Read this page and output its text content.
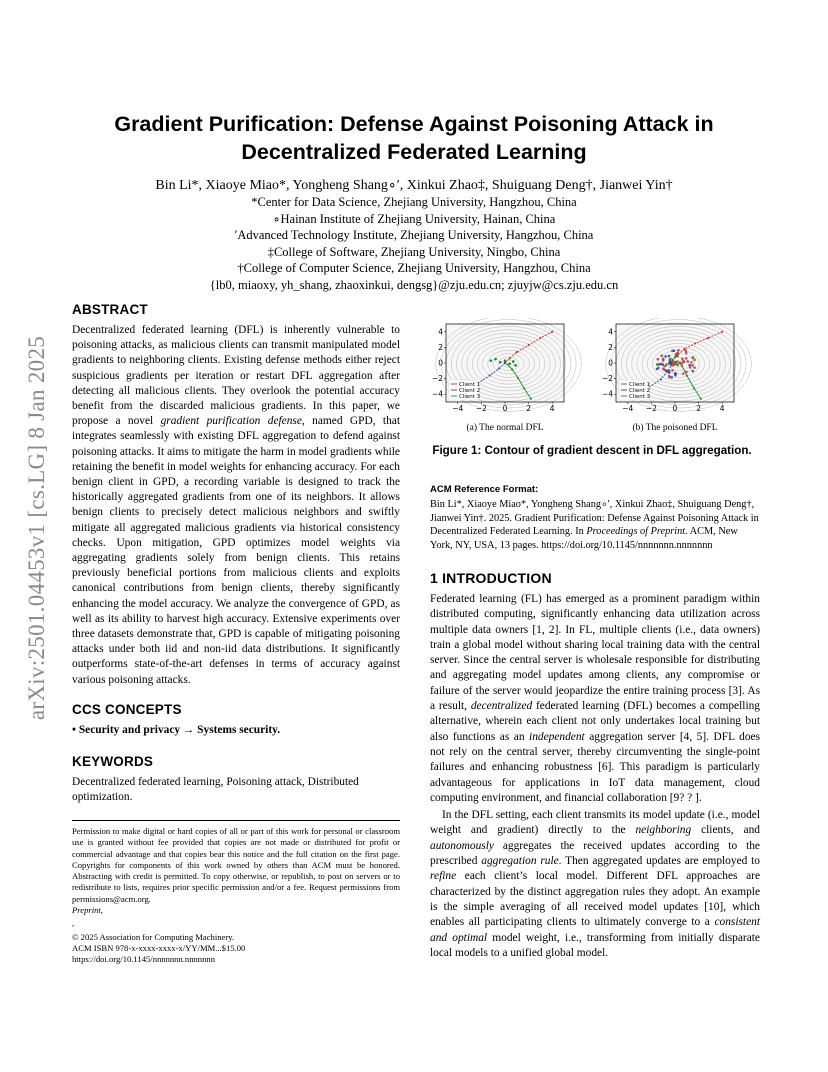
arXiv:2501.04453v1 [cs.LG] 8 Jan 2025
Gradient Purification: Defense Against Poisoning Attack in Decentralized Federated Learning
Bin Li*, Xiaoye Miao*, Yongheng Shang∘′, Xinkui Zhao‡, Shuiguang Deng†, Jianwei Yin†
*Center for Data Science, Zhejiang University, Hangzhou, China
∘Hainan Institute of Zhejiang University, Hainan, China
′Advanced Technology Institute, Zhejiang University, Hangzhou, China
‡College of Software, Zhejiang University, Ningbo, China
†College of Computer Science, Zhejiang University, Hangzhou, China
{lb0, miaoxy, yh_shang, zhaoxinkui, dengsg}@zju.edu.cn; zjuyjw@cs.zju.edu.cn
ABSTRACT

Decentralized federated learning (DFL) is inherently vulnerable to poisoning attacks, as malicious clients can transmit manipulated model gradients to neighboring clients. Existing defense methods either reject suspicious gradients per iteration or restart DFL aggregation after detecting all malicious clients. They overlook the potential accuracy benefit from the discarded malicious gradients. In this paper, we propose a novel gradient purification defense, named GPD, that integrates seamlessly with existing DFL aggregation to defend against poisoning attacks. It aims to mitigate the harm in model gradients while retaining the benefit in model weights for enhancing accuracy. For each benign client in GPD, a recording variable is designed to track the historically aggregated gradients from one of its neighbors. It allows benign clients to precisely detect malicious neighbors and swiftly mitigate all aggregated malicious gradients via historical consistency checks. Upon mitigation, GPD optimizes model weights via aggregating gradients solely from benign clients. This retains previously beneficial portions from malicious clients and exploits canonical contributions from benign clients, thereby significantly enhancing the model accuracy. We analyze the convergence of GPD, as well as its ability to harvest high accuracy. Extensive experiments over three datasets demonstrate that, GPD is capable of mitigating poisoning attacks under both iid and non-iid data distributions. It significantly outperforms state-of-the-art defenses in terms of accuracy against various poisoning attacks.

CCS CONCEPTS

• Security and privacy → Systems security.

KEYWORDS

Decentralized federated learning, Poisoning attack, Distributed optimization.

Permission to make digital or hard copies of all or part of this work for personal or classroom use is granted without fee provided that copies are not made or distributed for profit or commercial advantage and that copies bear this notice and the full citation on the first page. Copyrights for components of this work owned by others than ACM must be honored. Abstracting with credit is permitted. To copy otherwise, or republish, to post on servers or to redistribute to lists, requires prior specific permission and/or a fee. Request permissions from permissions@acm.org.
Preprint,
,
© 2025 Association for Computing Machinery.
ACM ISBN 978-x-xxxx-xxxx-x/YY/MM...$15.00
https://doi.org/10.1145/nnnnnnn.nnnnnnn
Client 1
Client 2
Client 3
−4
−4
−2
−2
0
0
2
2
4
4
(a) The normal DFL
Client 1
Client 2
Client 3
−4
−4
−2
−2
0
0
2
2
4
4
(b) The poisoned DFL
Figure 1: Contour of gradient descent in DFL aggregation.
ACM Reference Format:

Bin Li*, Xiaoye Miao*, Yongheng Shang∘′, Xinkui Zhao‡, Shuiguang Deng†, Jianwei Yin†. 2025. Gradient Purification: Defense Against Poisoning Attack in Decentralized Federated Learning. In Proceedings of Preprint. ACM, New York, NY, USA, 13 pages. https://doi.org/10.1145/nnnnnnn.nnnnnnn

1 INTRODUCTION

Federated learning (FL) has emerged as a prominent paradigm within distributed computing, significantly enhancing data utilization across multiple data owners [1, 2]. In FL, multiple clients (i.e., data owners) train a global model without sharing local training data with the central server. Since the central server is wholesale responsible for distributing and aggregating model updates among clients, any compromise or failure of the server would jeopardize the entire training process [3]. As a result, decentralized federated learning (DFL) becomes a compelling alternative, wherein each client not only undertakes local training but also functions as an independent aggregation server [4, 5]. DFL does not rely on the central server, thereby circumventing the single-point failures and enhancing robustness [6]. This paradigm is particularly advantageous for applications in IoT data management, cloud computing environment, and financial collaboration [9? ? ].

In the DFL setting, each client transmits its model update (i.e., model weight and gradient) directly to the neighboring clients, and autonomously aggregates the received updates according to the prescribed aggregation rule. Then aggregated updates are employed to refine each client’s local model. Different DFL approaches are characterized by the distinct aggregation rules they adopt. An example is the simple averaging of all received model updates [10], which enables all participating clients to ultimately converge to a consistent and optimal model weight, i.e., transforming from initially disparate local models to a unified global model.
